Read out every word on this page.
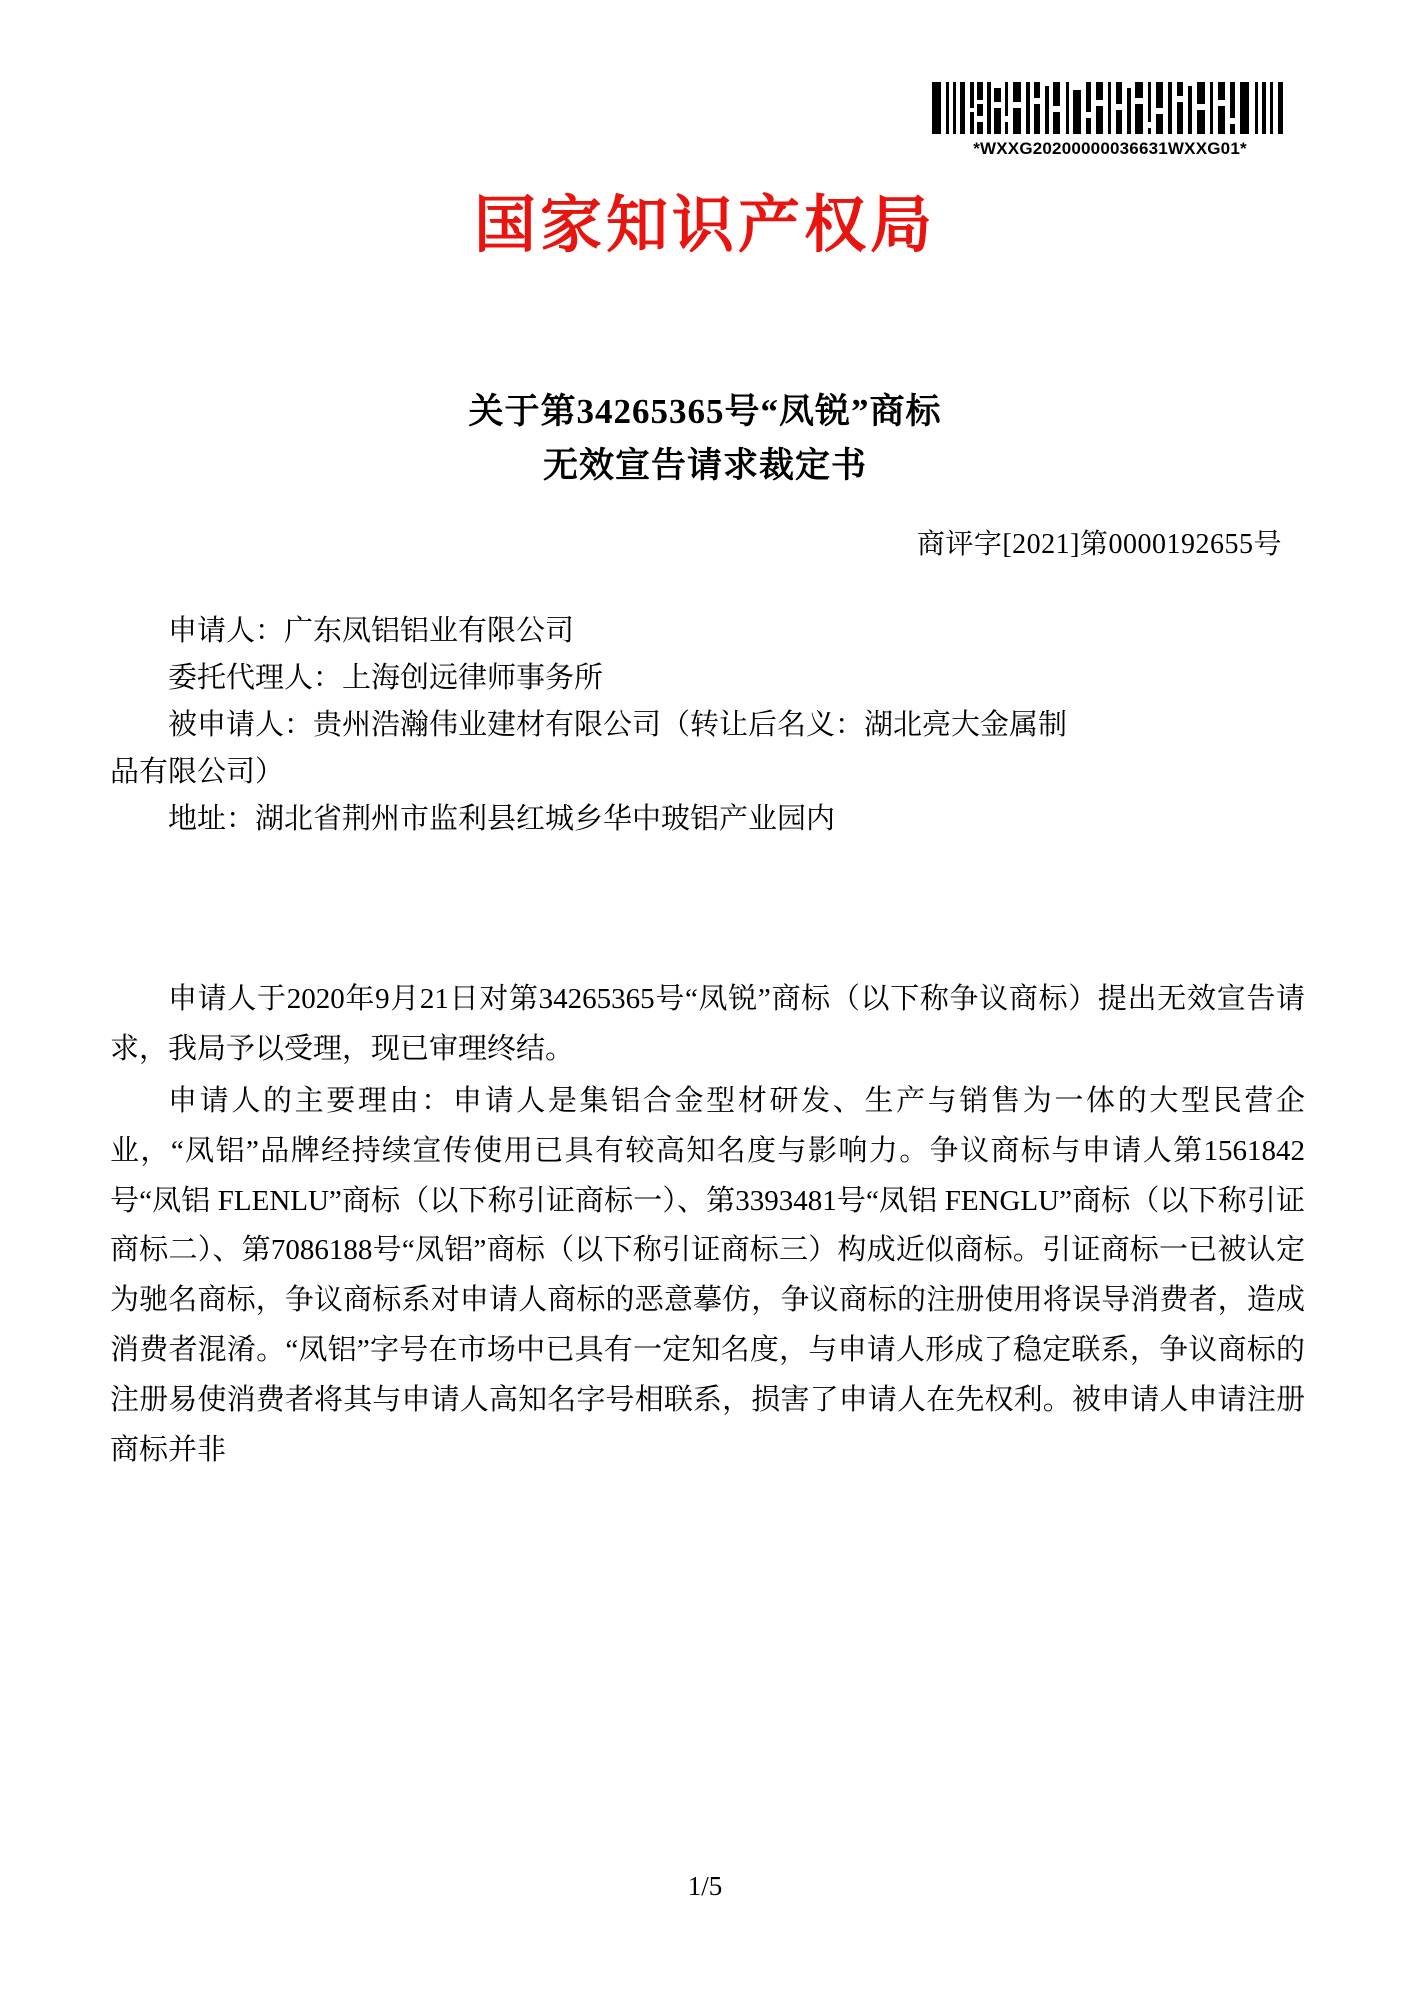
*WXXG20200000036631WXXG01*
国家知识产权局
关于第34265365号“凤锐”商标
无效宣告请求裁定书
商评字[2021]第0000192655号
申请人：广东凤铝铝业有限公司
委托代理人：上海创远律师事务所
被申请人：贵州浩瀚伟业建材有限公司（转让后名义：湖北亮大金属制
品有限公司）
地址：湖北省荆州市监利县红城乡华中玻铝产业园内

申请人于2020年9月21日对第34265365号“凤锐”商标（以下称争议商标）提出无效宣告请求，我局予以受理，现已审理终结。

申请人的主要理由：申请人是集铝合金型材研发、生产与销售为一体的大型民营企业，“凤铝”品牌经持续宣传使用已具有较高知名度与影响力。争议商标与申请人第1561842号“凤铝 FLENLU”商标（以下称引证商标一）、第3393481号“凤铝 FENGLU”商标（以下称引证商标二）、第7086188号“凤铝”商标（以下称引证商标三）构成近似商标。引证商标一已被认定为驰名商标，争议商标系对申请人商标的恶意摹仿，争议商标的注册使用将误导消费者，造成消费者混淆。“凤铝”字号在市场中已具有一定知名度，与申请人形成了稳定联系，争议商标的注册易使消费者将其与申请人高知名字号相联系，损害了申请人在先权利。被申请人申请注册商标并非

1/5
